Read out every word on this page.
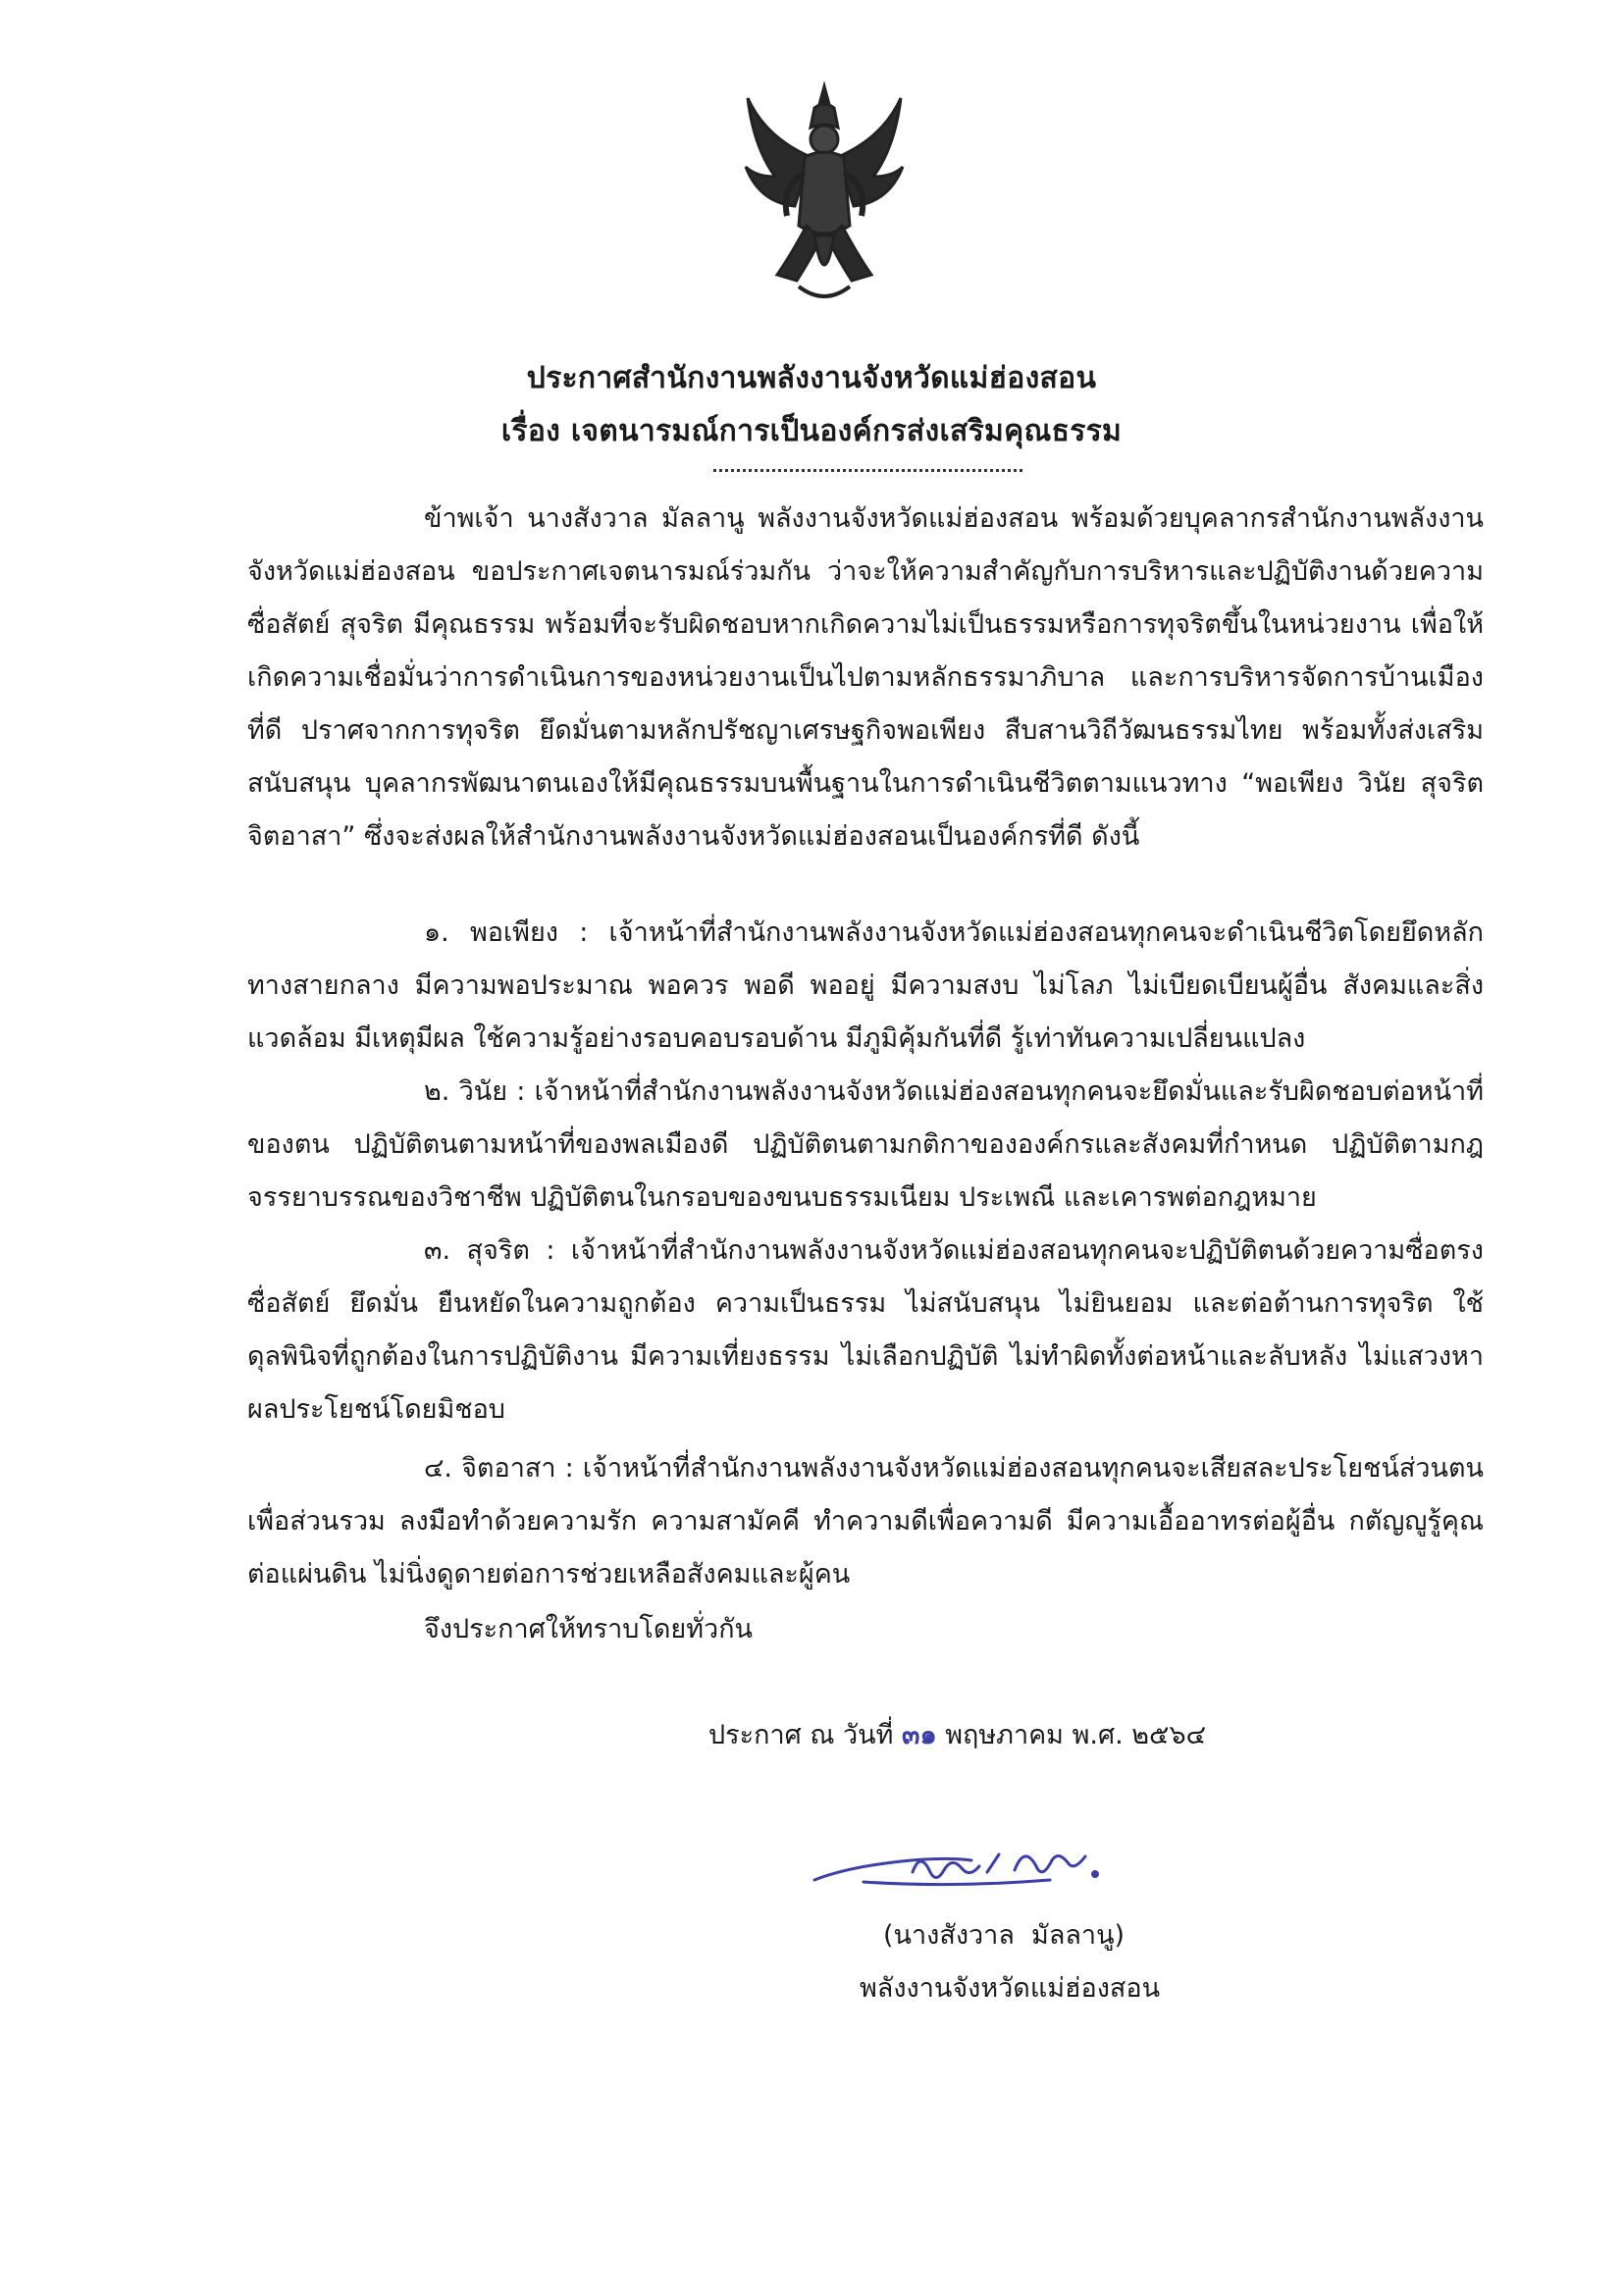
ประกาศสำนักงานพลังงานจังหวัดแม่ฮ่องสอน
เรื่อง เจตนารมณ์การเป็นองค์กรส่งเสริมคุณธรรม
ข้าพเจ้า นางสังวาล มัลลานู พลังงานจังหวัดแม่ฮ่องสอน พร้อมด้วยบุคลากรสำนักงานพลังงานจังหวัดแม่ฮ่องสอน ขอประกาศเจตนารมณ์ร่วมกัน ว่าจะให้ความสำคัญกับการบริหารและปฏิบัติงานด้วยความซื่อสัตย์ สุจริต มีคุณธรรม พร้อมที่จะรับผิดชอบหากเกิดความไม่เป็นธรรมหรือการทุจริตขึ้นในหน่วยงาน เพื่อให้เกิดความเชื่อมั่นว่าการดำเนินการของหน่วยงานเป็นไปตามหลักธรรมาภิบาล และการบริหารจัดการบ้านเมืองที่ดี ปราศจากการทุจริต ยึดมั่นตามหลักปรัชญาเศรษฐกิจพอเพียง สืบสานวิถีวัฒนธรรมไทย พร้อมทั้งส่งเสริม สนับสนุน บุคลากรพัฒนาตนเองให้มีคุณธรรมบนพื้นฐานในการดำเนินชีวิตตามแนวทาง “พอเพียง วินัย สุจริต จิตอาสา” ซึ่งจะส่งผลให้สำนักงานพลังงานจังหวัดแม่ฮ่องสอนเป็นองค์กรที่ดี ดังนี้
๑. พอเพียง : เจ้าหน้าที่สำนักงานพลังงานจังหวัดแม่ฮ่องสอนทุกคนจะดำเนินชีวิตโดยยึดหลักทางสายกลาง มีความพอประมาณ พอควร พอดี พออยู่ มีความสงบ ไม่โลภ ไม่เบียดเบียนผู้อื่น สังคมและสิ่งแวดล้อม มีเหตุมีผล ใช้ความรู้อย่างรอบคอบรอบด้าน มีภูมิคุ้มกันที่ดี รู้เท่าทันความเปลี่ยนแปลง
๒. วินัย : เจ้าหน้าที่สำนักงานพลังงานจังหวัดแม่ฮ่องสอนทุกคนจะยึดมั่นและรับผิดชอบต่อหน้าที่ของตน ปฏิบัติตนตามหน้าที่ของพลเมืองดี ปฏิบัติตนตามกติกาขององค์กรและสังคมที่กำหนด ปฏิบัติตามกฎ จรรยาบรรณของวิชาชีพ ปฏิบัติตนในกรอบของขนบธรรมเนียม ประเพณี และเคารพต่อกฎหมาย
๓. สุจริต : เจ้าหน้าที่สำนักงานพลังงานจังหวัดแม่ฮ่องสอนทุกคนจะปฏิบัติตนด้วยความซื่อตรง ซื่อสัตย์ ยึดมั่น ยืนหยัดในความถูกต้อง ความเป็นธรรม ไม่สนับสนุน ไม่ยินยอม และต่อต้านการทุจริต ใช้ดุลพินิจที่ถูกต้องในการปฏิบัติงาน มีความเที่ยงธรรม ไม่เลือกปฏิบัติ ไม่ทำผิดทั้งต่อหน้าและลับหลัง ไม่แสวงหาผลประโยชน์โดยมิชอบ
๔. จิตอาสา : เจ้าหน้าที่สำนักงานพลังงานจังหวัดแม่ฮ่องสอนทุกคนจะเสียสละประโยชน์ส่วนตนเพื่อส่วนรวม ลงมือทำด้วยความรัก ความสามัคคี ทำความดีเพื่อความดี มีความเอื้ออาทรต่อผู้อื่น กตัญญูรู้คุณต่อแผ่นดิน ไม่นิ่งดูดายต่อการช่วยเหลือสังคมและผู้คน
จึงประกาศให้ทราบโดยทั่วกัน
ประกาศ ณ วันที่ ๓๑ พฤษภาคม พ.ศ. ๒๕๖๔
(นางสังวาล  มัลลานู)
พลังงานจังหวัดแม่ฮ่องสอน
